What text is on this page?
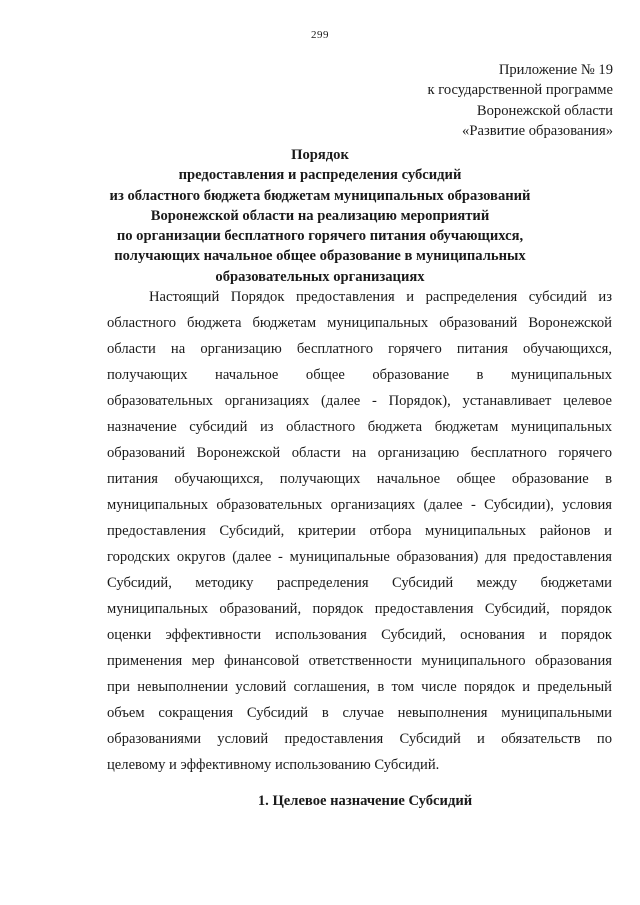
299
Приложение № 19
к государственной программе
Воронежской области
«Развитие образования»
Порядок
предоставления и распределения субсидий
из областного бюджета бюджетам муниципальных образований
Воронежской области на реализацию мероприятий
по организации бесплатного горячего питания обучающихся,
получающих начальное общее образование в муниципальных
образовательных организациях
Настоящий Порядок предоставления и распределения субсидий из
областного бюджета бюджетам муниципальных образований Воронежской
области на организацию бесплатного горячего питания обучающихся,
получающих начальное общее образование в муниципальных
образовательных организациях (далее - Порядок), устанавливает целевое
назначение субсидий из областного бюджета бюджетам муниципальных
образований Воронежской области на организацию бесплатного горячего
питания обучающихся, получающих начальное общее образование в
муниципальных образовательных организациях (далее - Субсидии), условия
предоставления Субсидий, критерии отбора муниципальных районов и
городских округов (далее - муниципальные образования) для предоставления
Субсидий, методику распределения Субсидий между бюджетами
муниципальных образований, порядок предоставления Субсидий, порядок
оценки эффективности использования Субсидий, основания и порядок
применения мер финансовой ответственности муниципального образования
при невыполнении условий соглашения, в том числе порядок и предельный
объем сокращения Субсидий в случае невыполнения муниципальными
образованиями условий предоставления Субсидий и обязательств по
целевому и эффективному использованию Субсидий.
1. Целевое назначение Субсидий
